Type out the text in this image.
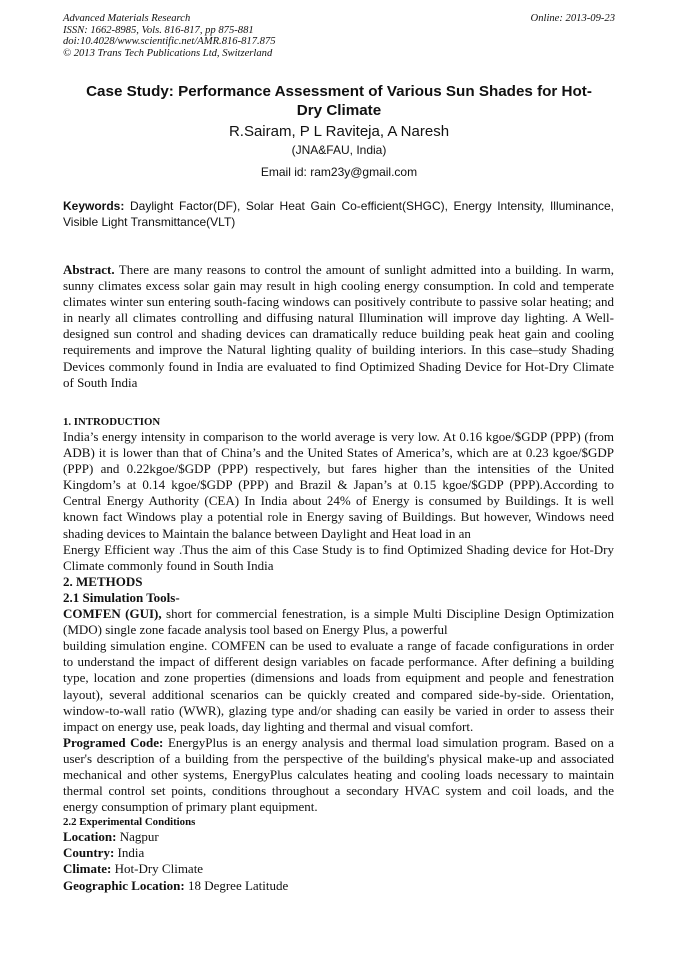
Advanced Materials Research
ISSN: 1662-8985, Vols. 816-817, pp 875-881
doi:10.4028/www.scientific.net/AMR.816-817.875
© 2013 Trans Tech Publications Ltd, Switzerland
Online: 2013-09-23
Case Study: Performance Assessment of Various Sun Shades for Hot-Dry Climate
R.Sairam, P L Raviteja, A Naresh
(JNA&FAU, India)
Email id: ram23y@gmail.com
Keywords: Daylight Factor(DF), Solar Heat Gain Co-efficient(SHGC), Energy Intensity, Illuminance, Visible Light Transmittance(VLT)

Abstract. There are many reasons to control the amount of sunlight admitted into a building. In warm, sunny climates excess solar gain may result in high cooling energy consumption. In cold and temperate climates winter sun entering south-facing windows can positively contribute to passive solar heating; and in nearly all climates controlling and diffusing natural Illumination will improve day lighting. A Well-designed sun control and shading devices can dramatically reduce building peak heat gain and cooling requirements and improve the Natural lighting quality of building interiors. In this case–study Shading Devices commonly found in India are evaluated to find Optimized Shading Device for Hot-Dry Climate of South India

1. INTRODUCTION

India’s energy intensity in comparison to the world average is very low. At 0.16 kgoe/$GDP (PPP) (from ADB) it is lower than that of China’s and the United States of America’s, which are at 0.23 kgoe/$GDP (PPP) and 0.22kgoe/$GDP (PPP) respectively, but fares higher than the intensities of the United Kingdom’s at 0.14 kgoe/$GDP (PPP) and Brazil & Japan’s at 0.15 kgoe/$GDP (PPP).According to Central Energy Authority (CEA) In India about 24% of Energy is consumed by Buildings. It is well known fact Windows play a potential role in Energy saving of Buildings. But however, Windows need shading devices to Maintain the balance between Daylight and Heat load in an

Energy Efficient way .Thus the aim of this Case Study is to find Optimized Shading device for Hot-Dry Climate commonly found in South India

2. METHODS
2.1 Simulation Tools-

COMFEN (GUI), short for commercial fenestration, is a simple Multi Discipline Design Optimization (MDO) single zone facade analysis tool based on Energy Plus, a powerful

building simulation engine. COMFEN can be used to evaluate a range of facade configurations in order to understand the impact of different design variables on facade performance. After defining a building type, location and zone properties (dimensions and loads from equipment and people and fenestration layout), several additional scenarios can be quickly created and compared side-by-side. Orientation, window-to-wall ratio (WWR), glazing type and/or shading can easily be varied in order to assess their impact on energy use, peak loads, day lighting and thermal and visual comfort.

Programed Code: EnergyPlus is an energy analysis and thermal load simulation program. Based on a user's description of a building from the perspective of the building's physical make-up and associated mechanical and other systems, EnergyPlus calculates heating and cooling loads necessary to maintain thermal control set points, conditions throughout a secondary HVAC system and coil loads, and the energy consumption of primary plant equipment.

2.2 Experimental Conditions

Location: Nagpur

Country: India

Climate: Hot-Dry Climate

Geographic Location: 18 Degree Latitude
